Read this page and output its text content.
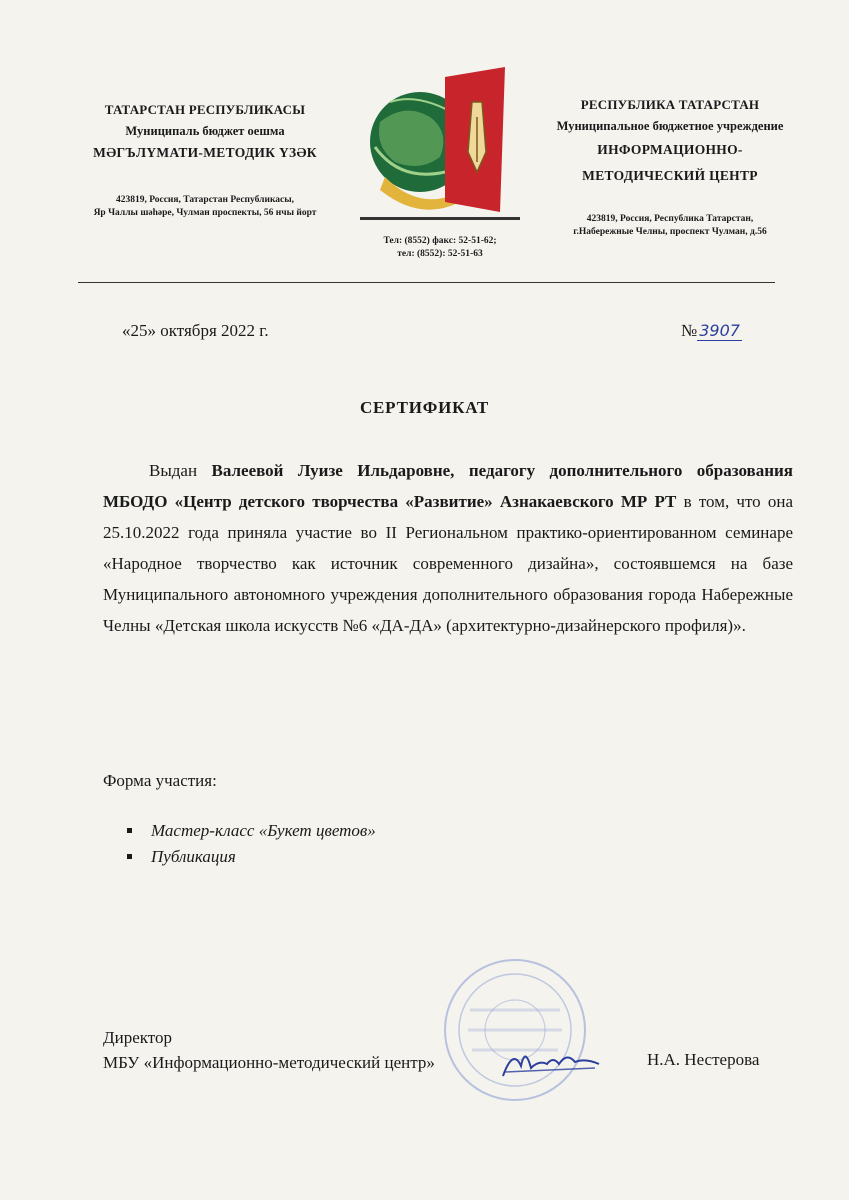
ТАТАРСТАН РЕСПУБЛИКАСЫ
Муниципаль бюджет оешма
МӘГЪЛҮМАТИ-МЕТОДИК ҮЗӘК
423819, Россия, Татарстан Республикасы,
Яр Чаллы шәһәре, Чулман проспекты, 56 нчы йорт
Тел: (8552) факс: 52-51-62;
тел: (8552): 52-51-63
РЕСПУБЛИКА ТАТАРСТАН
Муниципальное бюджетное учреждение
ИНФОРМАЦИОННО-
МЕТОДИЧЕСКИЙ ЦЕНТР
423819, Россия, Республика Татарстан,
г.Набережные Челны, проспект Чулман, д.56
«25» октября 2022 г.	№ 3907
СЕРТИФИКАТ

Выдан Валеевой Луизе Ильдаровне, педагогу дополнительного образования МБОДО «Центр детского творчества «Развитие» Азнакаевского МР РТ в том, что она 25.10.2022 года приняла участие во II Региональном практико-ориентированном семинаре «Народное творчество как источник современного дизайна», состоявшемся на базе Муниципального автономного учреждения дополнительного образования города Набережные Челны «Детская школа искусств №6 «ДА-ДА» (архитектурно-дизайнерского профиля)».

Форма участия:
Мастер-класс «Букет цветов»
Публикация
Директор
МБУ «Информационно-методический центр»	Н.А. Нестерова
